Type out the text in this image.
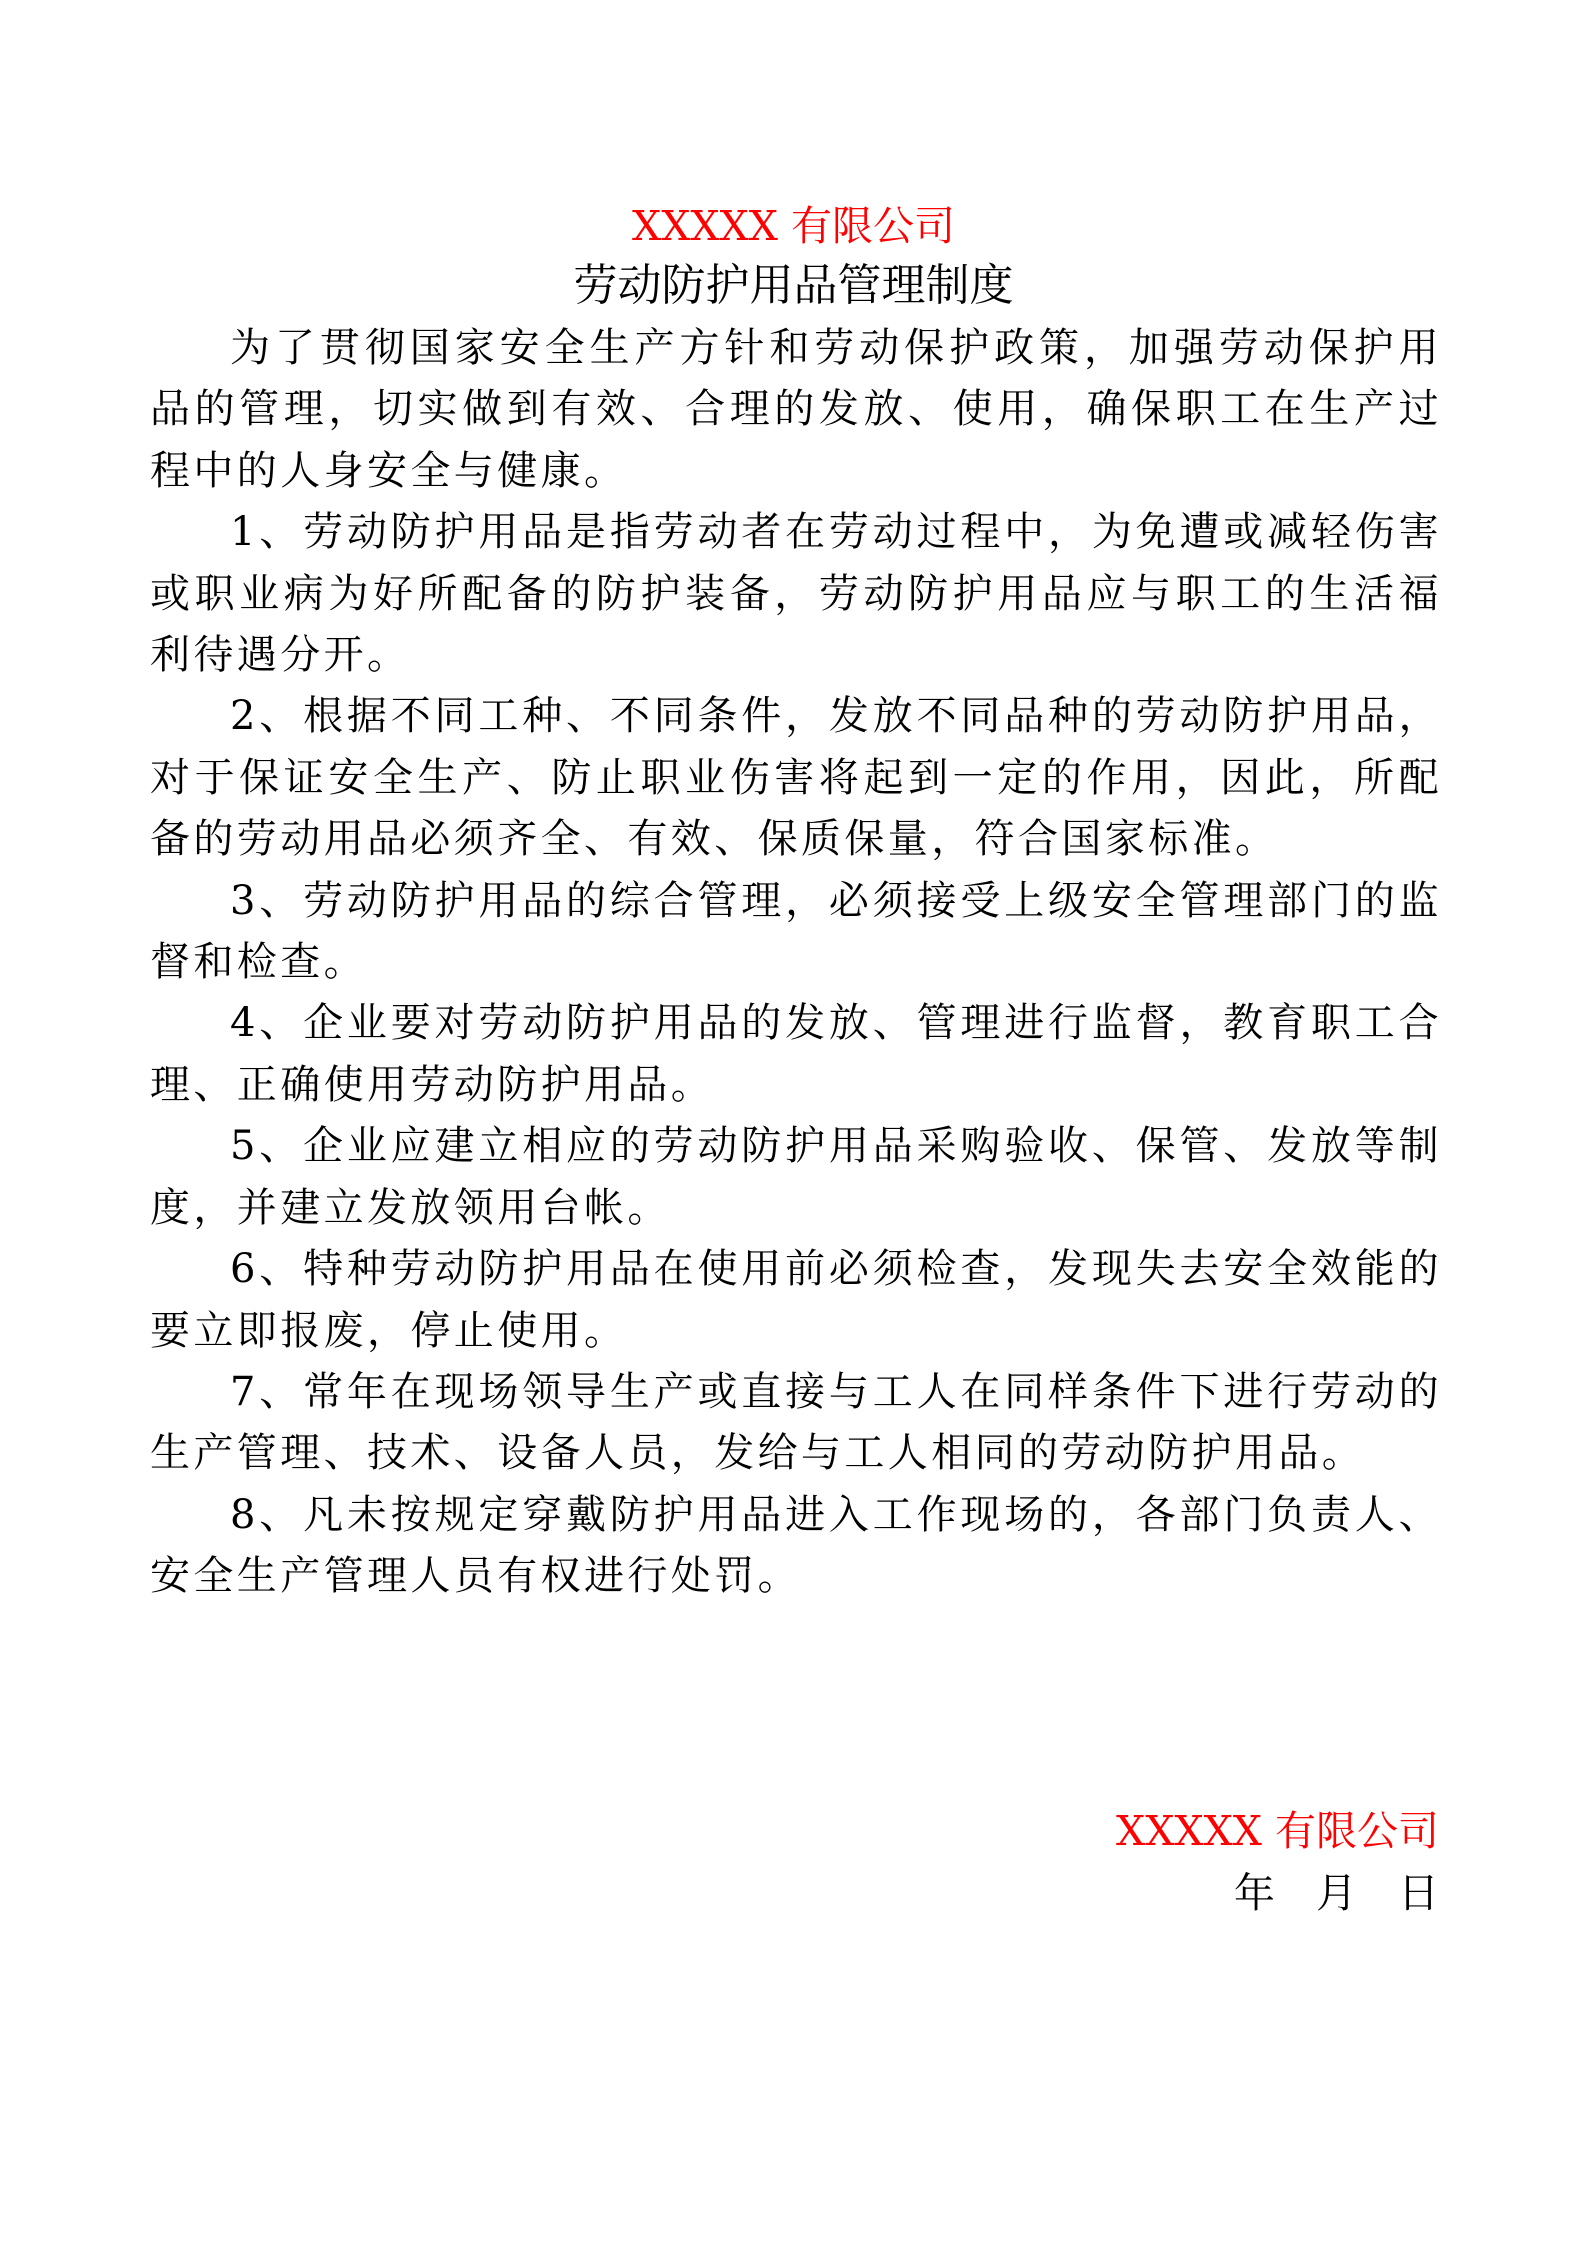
XXXXX 有限公司
劳动防护用品管理制度

为了贯彻国家安全生产方针和劳动保护政策，加强劳动保护用品的管理，切实做到有效、合理的发放、使用，确保职工在生产过程中的人身安全与健康。

1、劳动防护用品是指劳动者在劳动过程中，为免遭或减轻伤害或职业病为好所配备的防护装备，劳动防护用品应与职工的生活福利待遇分开。

2、根据不同工种、不同条件，发放不同品种的劳动防护用品，对于保证安全生产、防止职业伤害将起到一定的作用，因此，所配备的劳动用品必须齐全、有效、保质保量，符合国家标准。

3、劳动防护用品的综合管理，必须接受上级安全管理部门的监督和检查。

4、企业要对劳动防护用品的发放、管理进行监督，教育职工合理、正确使用劳动防护用品。

5、企业应建立相应的劳动防护用品采购验收、保管、发放等制度，并建立发放领用台帐。

6、特种劳动防护用品在使用前必须检查，发现失去安全效能的要立即报废，停止使用。

7、常年在现场领导生产或直接与工人在同样条件下进行劳动的生产管理、技术、设备人员，发给与工人相同的劳动防护用品。

8、凡未按规定穿戴防护用品进入工作现场的，各部门负责人、安全生产管理人员有权进行处罚。

XXXXX 有限公司
年 月 日
